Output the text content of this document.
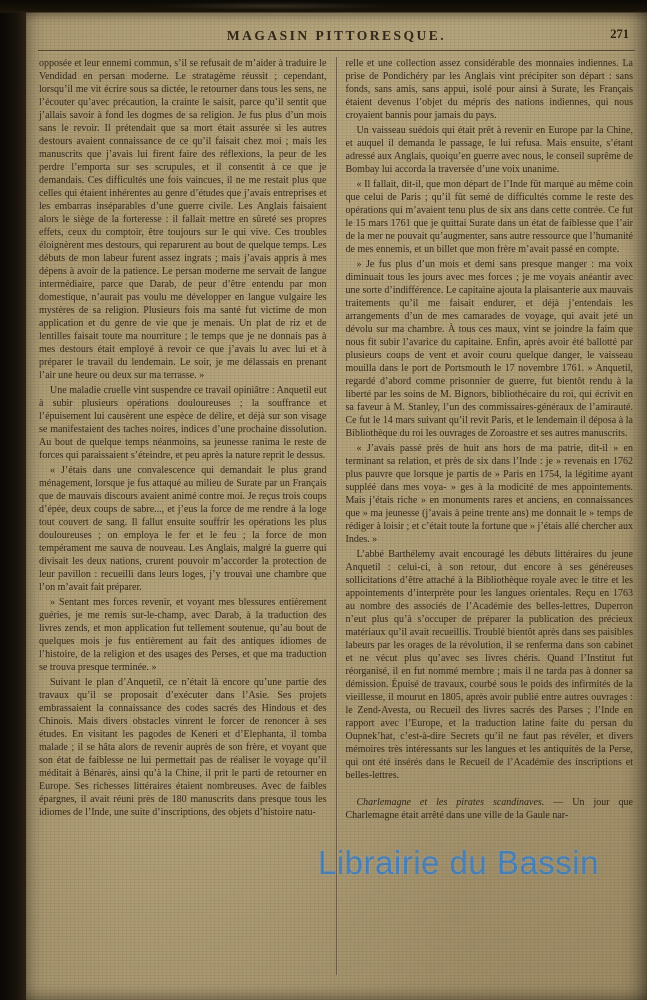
MAGASIN PITTORESQUE.	271

opposée et leur ennemi commun, s’il se refusait de m’aider à traduire le Vendidad en persan moderne. Le stratagème réussit ; cependant, lorsqu’il me vit écrire sous sa dictée, le retourner dans tous les sens, ne l’écouter qu’avec précaution, la crainte le saisit, parce qu’il sentit que j’allais savoir à fond les dogmes de sa religion. Je fus plus d’un mois sans le revoir. Il prétendait que sa mort était assurée si les autres destours avaient connaissance de ce qu’il faisait chez moi ; mais les manuscrits que j’avais lui firent faire des réflexions, la peur de les perdre l’emporta sur ses scrupules, et il consentit à ce que je demandais. Ces difficultés une fois vaincues, il ne me restait plus que celles qui étaient inhérentes au genre d’études que j’avais entreprises et les embarras inséparables d’une guerre civile. Les Anglais faisaient alors le siège de la forteresse : il fallait mettre en sûreté ses propres effets, ceux du comptoir, être toujours sur le qui vive. Ces troubles éloignèrent mes destours, qui reparurent au bout de quelque temps. Les débuts de mon labeur furent assez ingrats ; mais j’avais appris à mes dépens à avoir de la patience. Le persan moderne me servait de langue intermédiaire, parce que Darab, de peur d’être entendu par mon domestique, n’aurait pas voulu me développer en langue vulgaire les mystères de sa religion. Plusieurs fois ma santé fut victime de mon application et du genre de vie que je menais. Un plat de riz et de lentilles faisait toute ma nourriture ; le temps que je ne donnais pas à mes destours était employé à revoir ce que j’avais lu avec lui et à préparer le travail du lendemain. Le soir, je me délassais en prenant l’air une heure ou deux sur ma terrasse. »

Une maladie cruelle vint suspendre ce travail opiniâtre : Anquetil eut à subir plusieurs opérations douloureuses ; la souffrance et l’épuisement lui causèrent une espèce de délire, et déjà sur son visage se manifestaient des taches noires, indices d’une prochaine dissolution. Au bout de quelque temps néanmoins, sa jeunesse ranima le reste de forces qui paraissaient s’éteindre, et peu après la nature reprit le dessus.

« J’étais dans une convalescence qui demandait le plus grand ménagement, lorsque je fus attaqué au milieu de Surate par un Français que de mauvais discours avaient animé contre moi. Je reçus trois coups d’épée, deux coups de sabre..., et j’eus la force de me rendre à la loge tout couvert de sang. Il fallut ensuite souffrir les opérations les plus douloureuses ; on employa le fer et le feu ; la force de mon tempérament me sauva de nouveau. Les Anglais, malgré la guerre qui divisait les deux nations, crurent pouvoir m’accorder la protection de leur pavillon : recueilli dans leurs loges, j’y trouvai une chambre que l’on m’avait fait préparer.

» Sentant mes forces revenir, et voyant mes blessures entièrement guéries, je me remis sur-le-champ, avec Darab, à la traduction des livres zends, et mon application fut tellement soutenue, qu’au bout de quelques mois je fus entièrement au fait des antiques idiomes de l’histoire, de la religion et des usages des Perses, et que ma traduction se trouva presque terminée. »

Suivant le plan d’Anquetil, ce n’était là encore qu’une partie des travaux qu’il se proposait d’exécuter dans l’Asie. Ses projets embrassaient la connaissance des codes sacrés des Hindous et des Chinois. Mais divers obstacles vinrent le forcer de renoncer à ses études. En visitant les pagodes de Keneri et d’Elephanta, il tomba malade ; il se hâta alors de revenir auprès de son frère, et voyant que son état de faiblesse ne lui permettait pas de réaliser le voyage qu’il méditait à Bénarès, ainsi qu’à la Chine, il prit le parti de retourner en Europe. Ses richesses littéraires étaient nombreuses. Avec de faibles épargnes, il avait réuni près de 180 manuscrits dans presque tous les idiomes de l’Inde, une suite d’inscriptions, des objets d’histoire natu-

relle et une collection assez considérable des monnaies indiennes. La prise de Pondichéry par les Anglais vint précipiter son départ : sans fonds, sans amis, sans appui, isolé pour ainsi à Surate, les Français étaient devenus l’objet du mépris des nations indiennes, qui nous croyaient bannis pour jamais du pays.

Un vaisseau suédois qui était prêt à revenir en Europe par la Chine, et auquel il demanda le passage, le lui refusa. Mais ensuite, s’étant adressé aux Anglais, quoiqu’en guerre avec nous, le conseil suprême de Bombay lui accorda la traversée d’une voix unanime.

« Il fallait, dit-il, que mon départ de l’Inde fût marqué au même coin que celui de Paris ; qu’il fût semé de difficultés comme le reste des opérations qui m’avaient tenu plus de six ans dans cette contrée. Ce fut le 15 mars 1761 que je quittai Surate dans un état de faiblesse que l’air de la mer ne pouvait qu’augmenter, sans autre ressource que l’humanité de mes ennemis, et un billet que mon frère m’avait passé en compte.

» Je fus plus d’un mois et demi sans presque manger : ma voix diminuait tous les jours avec mes forces ; je me voyais anéantir avec une sorte d’indifférence. Le capitaine ajouta la plaisanterie aux mauvais traitements qu’il me faisait endurer, et déjà j’entendais les arrangements d’un de mes camarades de voyage, qui avait jeté un dévolu sur ma chambre. À tous ces maux, vint se joindre la faim que nous fit subir l’avarice du capitaine. Enfin, après avoir été ballotté par plusieurs coups de vent et avoir couru quelque danger, le vaisseau mouilla dans le port de Portsmouth le 17 novembre 1761. » Anquetil, regardé d’abord comme prisonnier de guerre, fut bientôt rendu à la liberté par les soins de M. Bignors, bibliothécaire du roi, qui écrivit en sa faveur à M. Stanley, l’un des commissaires-généraux de l’amirauté. Ce fut le 14 mars suivant qu’il revit Paris, et le lendemain il déposa à la Bibliothèque du roi les ouvrages de Zoroastre et ses autres manuscrits.

« J’avais passé près de huit ans hors de ma patrie, dit-il » en terminant sa relation, et près de six dans l’Inde : je » revenais en 1762 plus pauvre que lorsque je partis de » Paris en 1754, la légitime ayant suppléé dans mes voya- » ges à la modicité de mes appointements. Mais j’étais riche » en monuments rares et anciens, en connaissances que » ma jeunesse (j’avais à peine trente ans) me donnait le » temps de rédiger à loisir ; et c’était toute la fortune que » j’étais allé chercher aux Indes. »

L’abbé Barthélemy avait encouragé les débuts littéraires du jeune Anquetil : celui-ci, à son retour, dut encore à ses généreuses sollicitations d’être attaché à la Bibliothèque royale avec le titre et les appointements d’interprète pour les langues orientales. Reçu en 1763 au nombre des associés de l’Académie des belles-lettres, Duperron n’eut plus qu’à s’occuper de préparer la publication des précieux matériaux qu’il avait recueillis. Troublé bientôt après dans ses paisibles labeurs par les orages de la révolution, il se renferma dans son cabinet et ne vécut plus qu’avec ses livres chéris. Quand l’Institut fut réorganisé, il en fut nommé membre ; mais il ne tarda pas à donner sa démission. Épuisé de travaux, courbé sous le poids des infirmités de la vieillesse, il mourut en 1805, après avoir publié entre autres ouvrages : le Zend-Avesta, ou Recueil des livres sacrés des Parses ; l’Inde en rapport avec l’Europe, et la traduction latine faite du persan du Oupnek’hat, c’est-à-dire Secrets qu’il ne faut pas révéler, et divers mémoires très intéressants sur les langues et les antiquités de la Perse, qui ont été insérés dans le Recueil de l’Académie des inscriptions et belles-lettres.

Charlemagne et les pirates scandinaves. — Un jour que Charlemagne était arrêté dans une ville de la Gaule nar-

Librairie du Bassin
